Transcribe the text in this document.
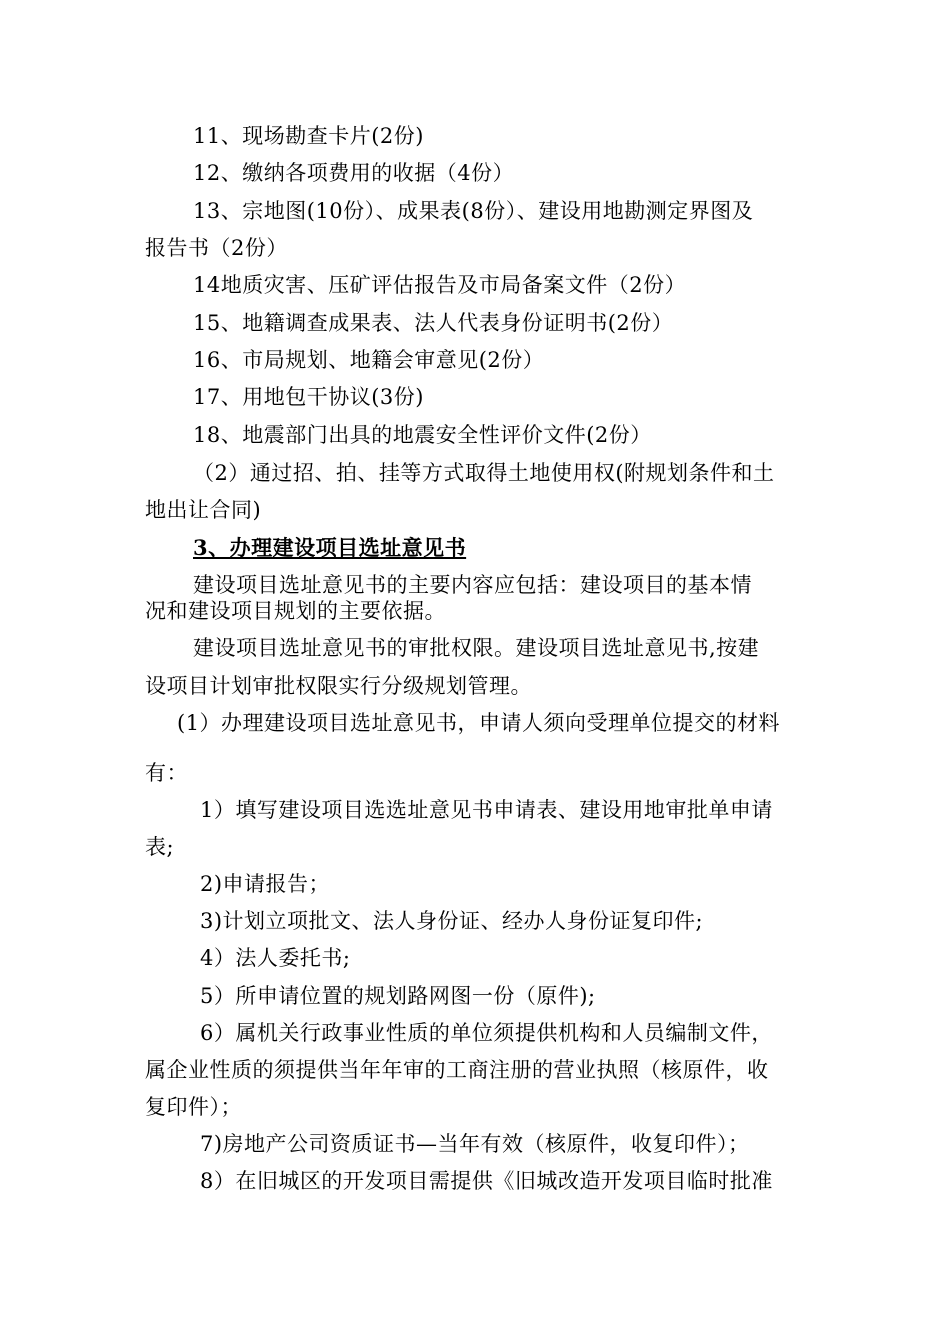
11、现场勘查卡片(2份)
12、缴纳各项费用的收据（4份）
13、宗地图(10份）、成果表(8份）、建设用地勘测定界图及
报告书（2份）
14地质灾害、压矿评估报告及市局备案文件（2份）
15、地籍调查成果表、法人代表身份证明书(2份）
16、市局规划、地籍会审意见(2份）
17、用地包干协议(3份)
18、地震部门出具的地震安全性评价文件(2份）
（2）通过招、拍、挂等方式取得土地使用权(附规划条件和土
地出让合同)
3、办理建设项目选址意见书
建设项目选址意见书的主要内容应包括：建设项目的基本情
况和建设项目规划的主要依据。
建设项目选址意见书的审批权限。建设项目选址意见书,按建
设项目计划审批权限实行分级规划管理。
(1）办理建设项目选址意见书，申请人须向受理单位提交的材料
有：
1）填写建设项目选选址意见书申请表、建设用地审批单申请
表;
2)申请报告；
3)计划立项批文、法人身份证、经办人身份证复印件;
4）法人委托书;
5）所申请位置的规划路网图一份（原件);
6）属机关行政事业性质的单位须提供机构和人员编制文件，
属企业性质的须提供当年年审的工商注册的营业执照（核原件，收
复印件）；
7)房地产公司资质证书—当年有效（核原件，收复印件）；
8）在旧城区的开发项目需提供《旧城改造开发项目临时批准
